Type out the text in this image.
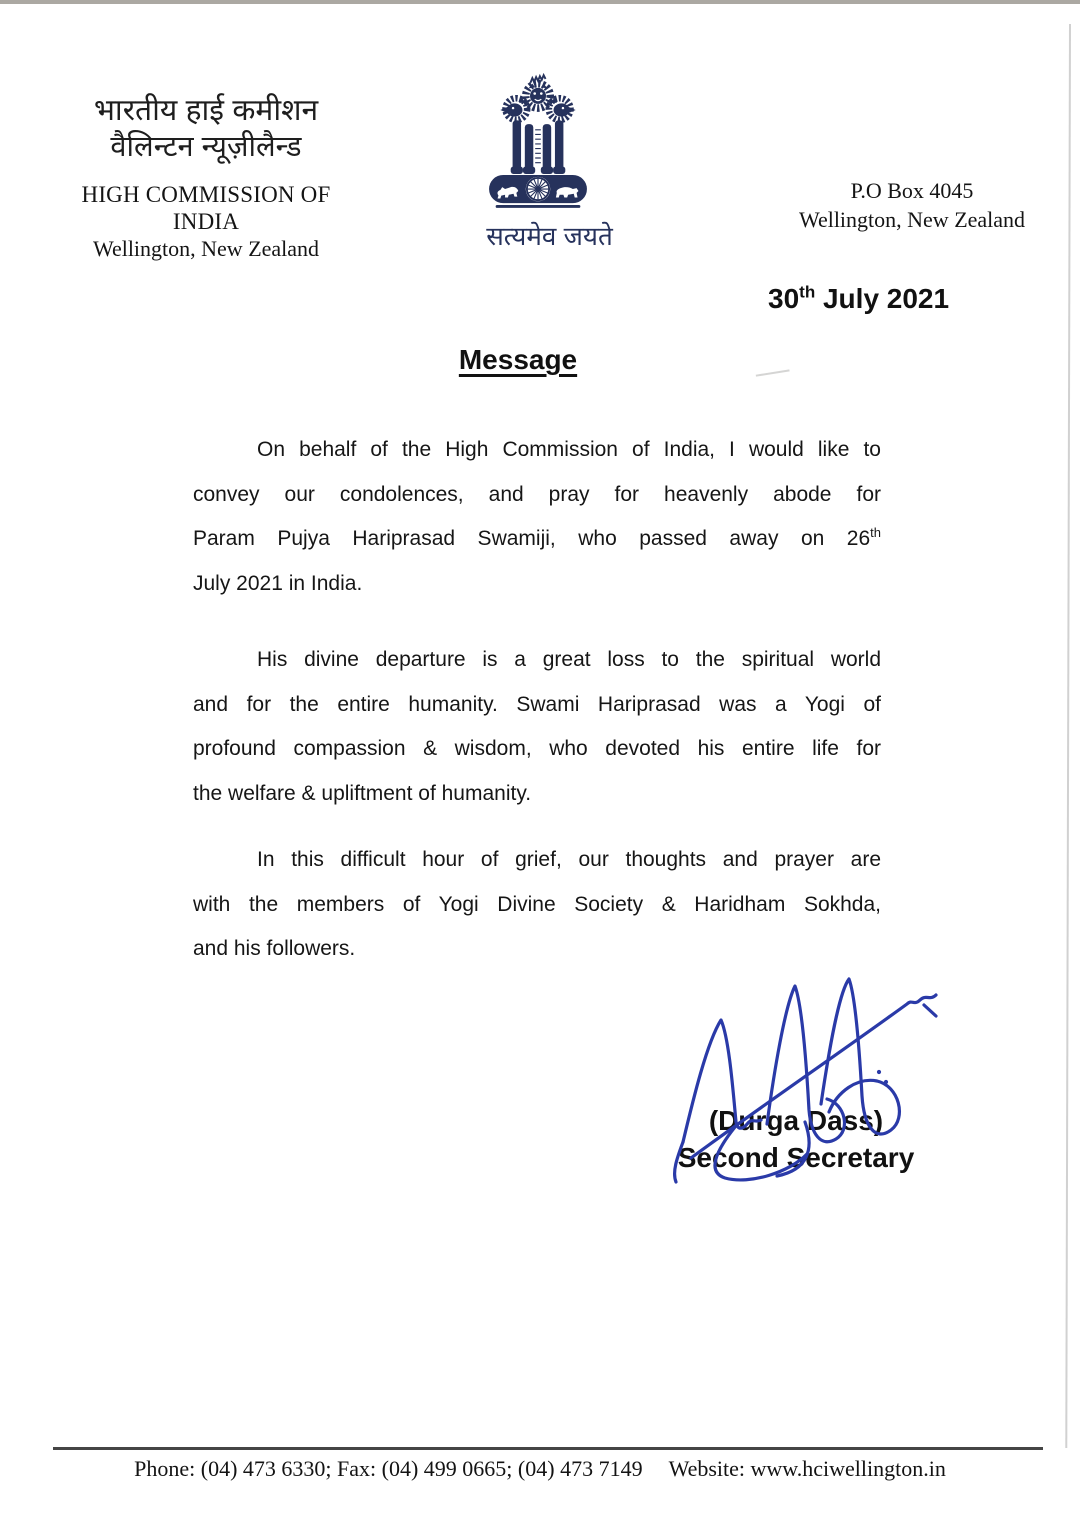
भारतीय हाई कमीशन
वैलिन्टन न्यूज़ीलैन्ड
HIGH COMMISSION OF INDIA
Wellington, New Zealand	सत्यमेव जयते
P.O Box 4045
Wellington, New Zealand
30th July 2021
Message
On behalf of the High Commission of India, I would like to
convey our condolences, and pray for heavenly abode for
Param Pujya Hariprasad Swamiji, who passed away on 26th
July 2021 in India.
His divine departure is a great loss to the spiritual world
and for the entire humanity. Swami Hariprasad was a Yogi of
profound compassion & wisdom, who devoted his entire life for
the welfare & upliftment of humanity.
In this difficult hour of grief, our thoughts and prayer are
with the members of Yogi Divine Society & Haridham Sokhda,
and his followers.
(Durga Dass)
Second Secretary
Phone: (04) 473 6330; Fax: (04) 499 0665; (04) 473 7149 Website: www.hciwellington.in
